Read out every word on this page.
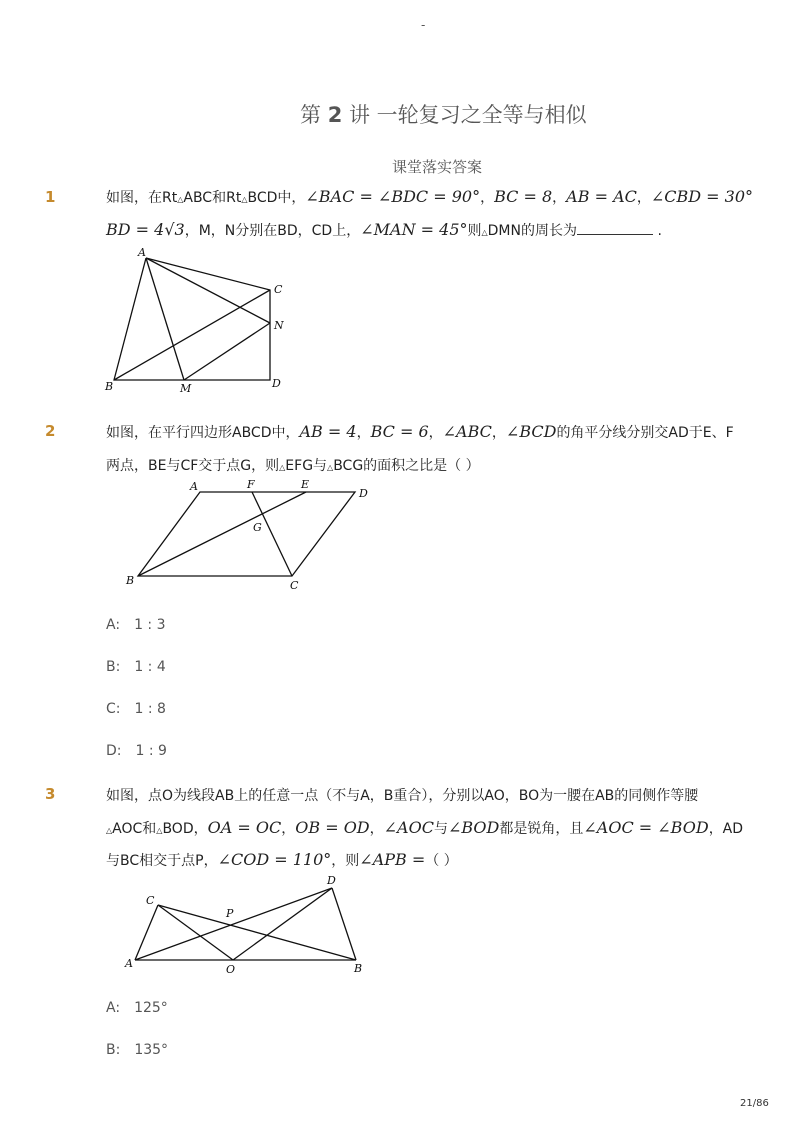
-
第 2 讲 一轮复习之全等与相似
课堂落实答案
1	如图，在Rt△ABC和Rt△BCD中，∠BAC = ∠BDC = 90°，BC = 8，AB = AC，∠CBD = 30°
BD = 4√3，M，N分别在BD，CD上，∠MAN = 45°则△DMN的周长为	.
A
B
C
D
M
N
2	如图，在平行四边形ABCD中，AB = 4，BC = 6，∠ABC，∠BCD的角平分线分别交AD于E、F
两点，BE与CF交于点G，则△EFG与△BCG的面积之比是（ ）
A	F	E
D
G
B	C
A: 1 : 3
B: 1 : 4
C: 1 : 8
D: 1 : 9
3	如图，点O为线段AB上的任意一点（不与A，B重合），分别以AO，BO为一腰在AB的同侧作等腰
△AOC和△BOD，OA = OC，OB = OD，∠AOC与∠BOD都是锐角，且∠AOC = ∠BOD，AD
与BC相交于点P，∠COD = 110°，则∠APB =（ ）
A
C
O
P
D
B
A: 125°
B: 135°
21/86
